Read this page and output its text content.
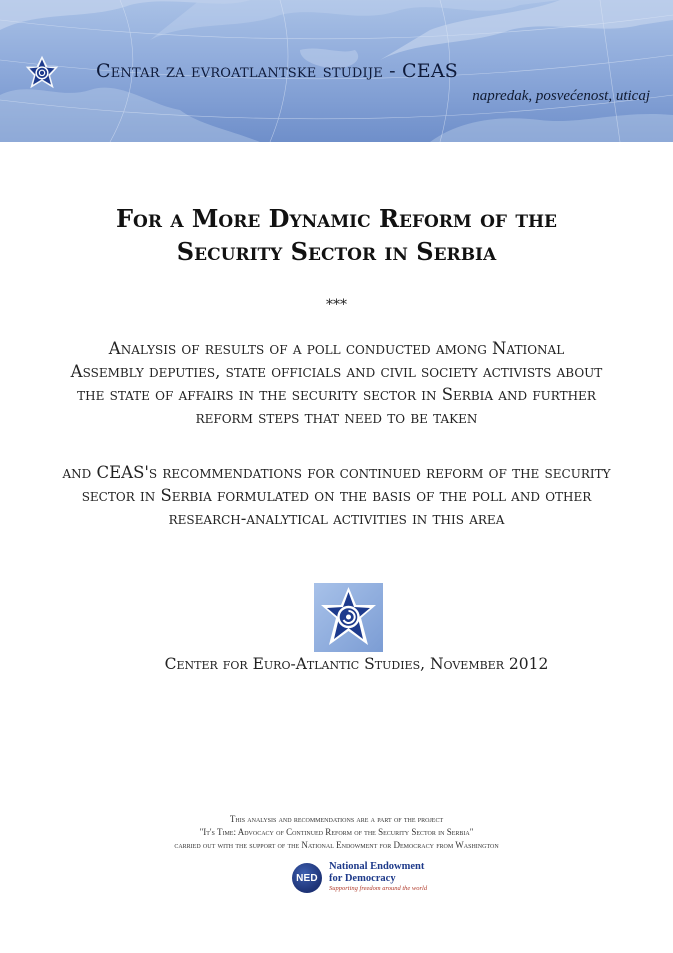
Centar za evroatlantske studije - CEAS
napredak, posvećenost, uticaj
For a More Dynamic Reform of the
Security Sector in Serbia
***
Analysis of results of a poll conducted among National Assembly deputies, state officials and civil society activists about the state of affairs in the security sector in Serbia and further reform steps that need to be taken
and CEAS's recommendations for continued reform of the security sector in Serbia formulated on the basis of the poll and other research-analytical activities in this area
Center for Euro-Atlantic Studies, November 2012
This analysis and recommendations are a part of the project
"It's Time: Advocacy of Continued Reform of the Security Sector in Serbia"
carried out with the support of the National Endowment for Democracy from Washington
NED
National Endowment
for Democracy
Supporting freedom around the world
